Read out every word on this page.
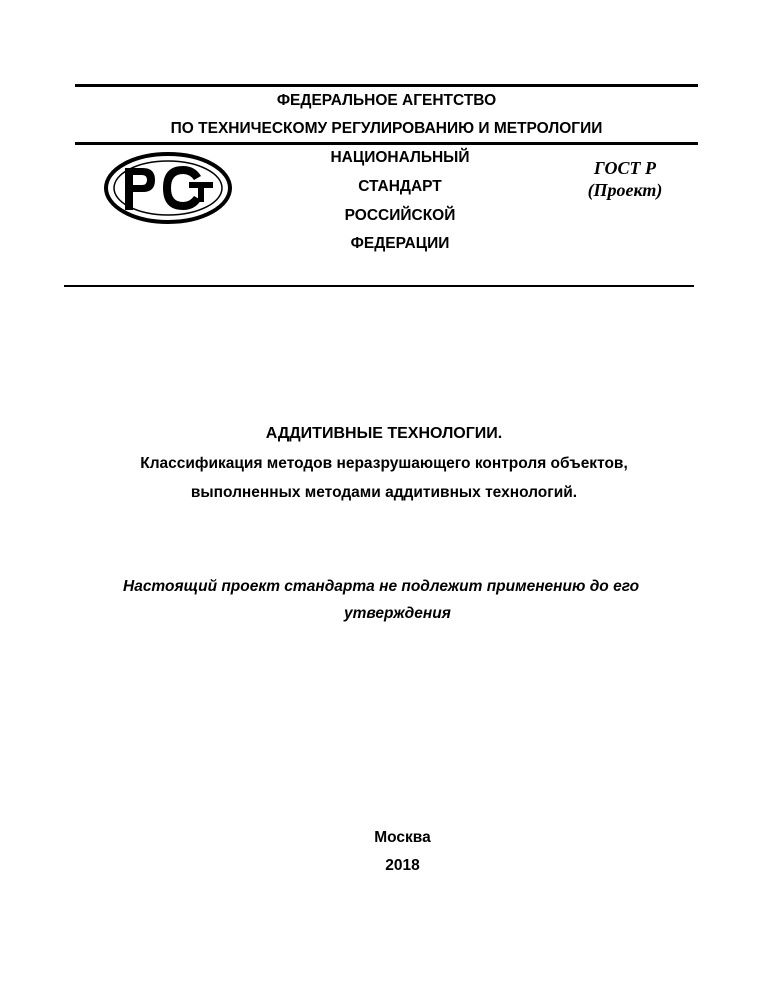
ФЕДЕРАЛЬНОЕ АГЕНТСТВО
ПО ТЕХНИЧЕСКОМУ РЕГУЛИРОВАНИЮ И МЕТРОЛОГИИ
НАЦИОНАЛЬНЫЙ
СТАНДАРТ
РОССИЙСКОЙ
ФЕДЕРАЦИИ
ГОСТ Р
(Проект)
АДДИТИВНЫЕ ТЕХНОЛОГИИ.
Классификация методов неразрушающего контроля объектов,
выполненных методами аддитивных технологий.
Настоящий проект стандарта не подлежит применению до его
утверждения
Москва
2018
